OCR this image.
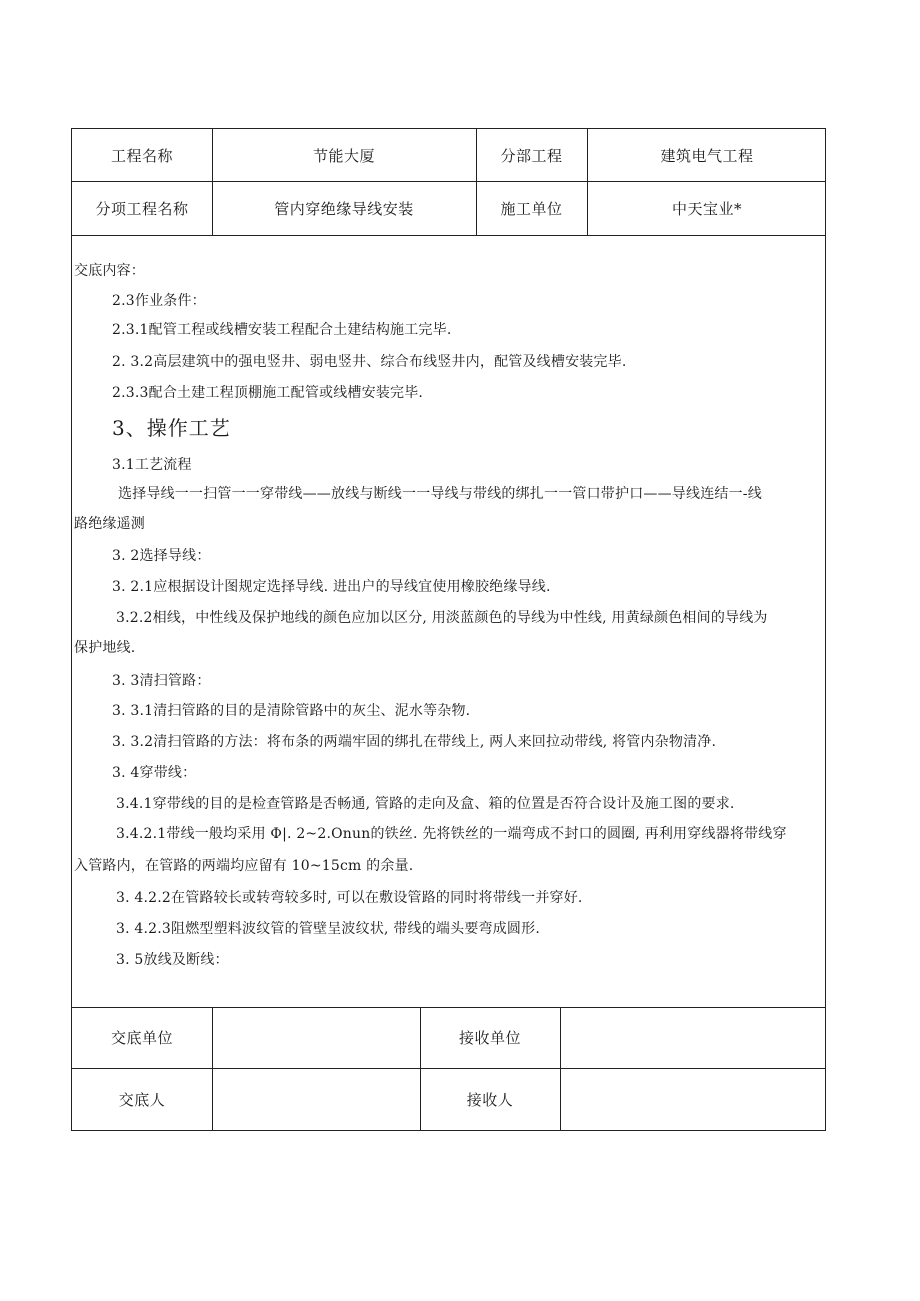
工程名称	节能大厦	分部工程	建筑电气工程
分项工程名称	管内穿绝缘导线安装	施工单位	中天宝业*
交底内容：
2.3作业条件：
2.3.1配管工程或线槽安装工程配合土建结构施工完毕.
2. 3.2高层建筑中的强电竖井、弱电竖井、综合布线竖井内，配管及线槽安装完毕.
2.3.3配合土建工程顶棚施工配管或线槽安装完毕.
3、操作工艺
3.1工艺流程
选择导线一一扫管一一穿带线——放线与断线一一导线与带线的绑扎一一管口带护口——导线连结一-线
路绝缘遥测
3. 2选择导线：
3. 2.1应根据设计图规定选择导线. 进出户的导线宜使用橡胶绝缘导线.
3.2.2相线，中性线及保护地线的颜色应加以区分, 用淡蓝颜色的导线为中性线, 用黄绿颜色相间的导线为
保护地线.
3. 3清扫管路：
3. 3.1清扫管路的目的是清除管路中的灰尘、泥水等杂物.
3. 3.2清扫管路的方法：将布条的两端牢固的绑扎在带线上, 两人来回拉动带线, 将管内杂物清净.
3. 4穿带线：
3.4.1穿带线的目的是检查管路是否畅通, 管路的走向及盒、箱的位置是否符合设计及施工图的要求.
3.4.2.1带线一般均采用 Φ|. 2~2.Onun的铁丝. 先将铁丝的一端弯成不封口的圆圈, 再利用穿线器将带线穿
入管路内，在管路的两端均应留有 10~15cm 的余量.
3. 4.2.2在管路较长或转弯较多时, 可以在敷设管路的同时将带线一并穿好.
3. 4.2.3阻燃型塑料波纹管的管壁呈波纹状, 带线的端头要弯成圆形.
3. 5放线及断线：
交底单位	接收单位
交底人	接收人
